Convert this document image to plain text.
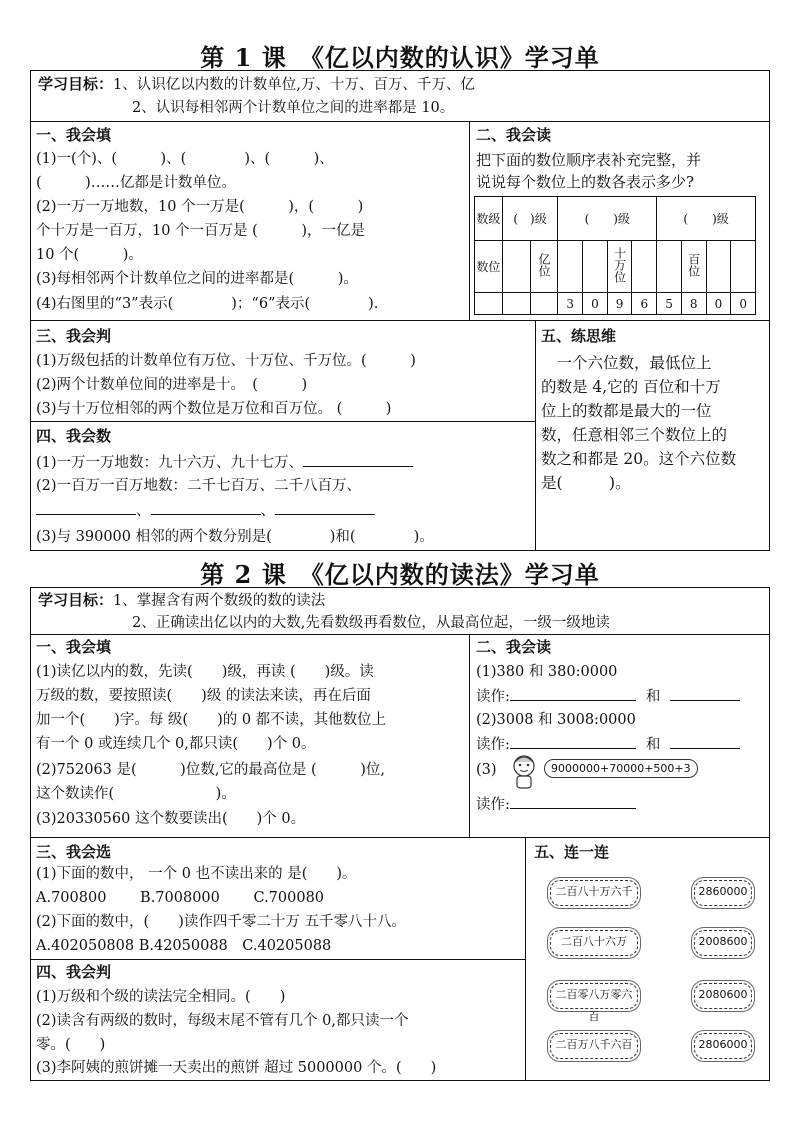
第 1 课　《亿以内数的认识》学习单
学习目标：1、认识亿以内数的计数单位,万、十万、百万、千万、亿
2、认识每相邻两个计数单位之间的进率都是 10。
一、我会填
(1)一(个)、(　　　)、(　　　　)、(　　　)、
(　　　)……亿都是计数单位。
(2)一万一万地数，10 个一万是(　　　)，(　　　)
个十万是一百万，10 个一百万是 (　　　)，一亿是
10 个(　　　)。
(3)每相邻两个计数单位之间的进率都是(　　　)。
(4)右图里的“3”表示(　　　　)；“6”表示(　　　　).
二、我会读
把下面的数位顺序表补充完整，并
说说每个数位上的数各表示多少?
数级	(　)级		(　　)级				(　　)级			
数位		亿位			十万位			百位		
			3	0	9	6	5	8	0	0
三、我会判
(1)万级包括的计数单位有万位、十万位、千万位。(　　　)
(2)两个计数单位间的进率是十。　(　　　)
(3)与十万位相邻的两个数位是万位和百万位。 (　　　)
四、我会数
(1)一万一万地数：九十六万、九十七万、
(2)一百万一百万地数：二千七百万、二千八百万、
、	、
(3)与 390000 相邻的两个数分别是(　　　　)和(　　　　)。
五、练思维
　一个六位数，最低位上
的数是 4,它的 百位和十万
位上的数都是最大的一位
数，任意相邻三个数位上的
数之和都是 20。这个六位数
是(　　　)。
第 2 课　《亿以内数的读法》学习单
学习目标：1、掌握含有两个数级的数的读法
2、正确读出亿以内的大数,先看数级再看数位，从最高位起，一级一级地读
一、我会填
(1)读亿以内的数，先读(　　)级，再读 (　　)级。读
万级的数，要按照读(　　)级 的读法来读，再在后面
加一个(　　)字。每 级(　　)的 0 都不读，其他数位上
有一个 0 或连续几个 0,都只读(　　)个 0。
(2)752063 是(　　　)位数,它的最高位是 (　　　)位,
这个数读作(　　　　　　　)。
(3)20330560 这个数要读出(　　)个 0。
二、我会读
(1)380 和 380:0000
读作:	和
(2)3008 和 3008:0000
读作:	和
(3)	9000000+70000+500+3
读作:
三、我会选
(1)下面的数中， 一个 0 也不读出来的 是(　　)。
A.700800　　 B.7008000　　 C.700080
(2)下面的数中，(　　)读作四千零二十万 五千零八十八。
A.402050808 B.42050088　C.40205088
四、我会判
(1)万级和个级的读法完全相同。(　　)
(2)读含有两级的数时，每级末尾不管有几个 0,都只读一个
零。(　　)
(3)李阿姨的煎饼摊一天卖出的煎饼 超过 5000000 个。(　　)
五、连一连
二百八十万六千
二百八十六万
二百零八万零六百
二百万八千六百
2860000
2008600
2080600
2806000
